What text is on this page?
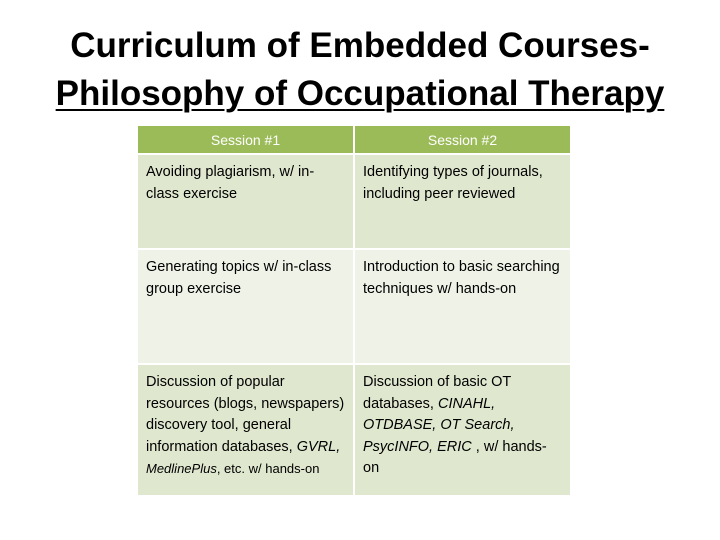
Curriculum of Embedded Courses-
Philosophy of Occupational Therapy
Session #1	Session #2
Avoiding plagiarism, w/ in-class exercise	Identifying types of journals, including peer reviewed
Generating topics w/ in-class group exercise	Introduction to basic searching techniques w/ hands-on
Discussion of popular resources (blogs, newspapers) discovery tool, general information databases, GVRL,
MedlinePlus, etc. w/ hands-on	Discussion of basic OT databases, CINAHL, OTDBASE, OT Search, PsycINFO, ERIC , w/ hands-on
